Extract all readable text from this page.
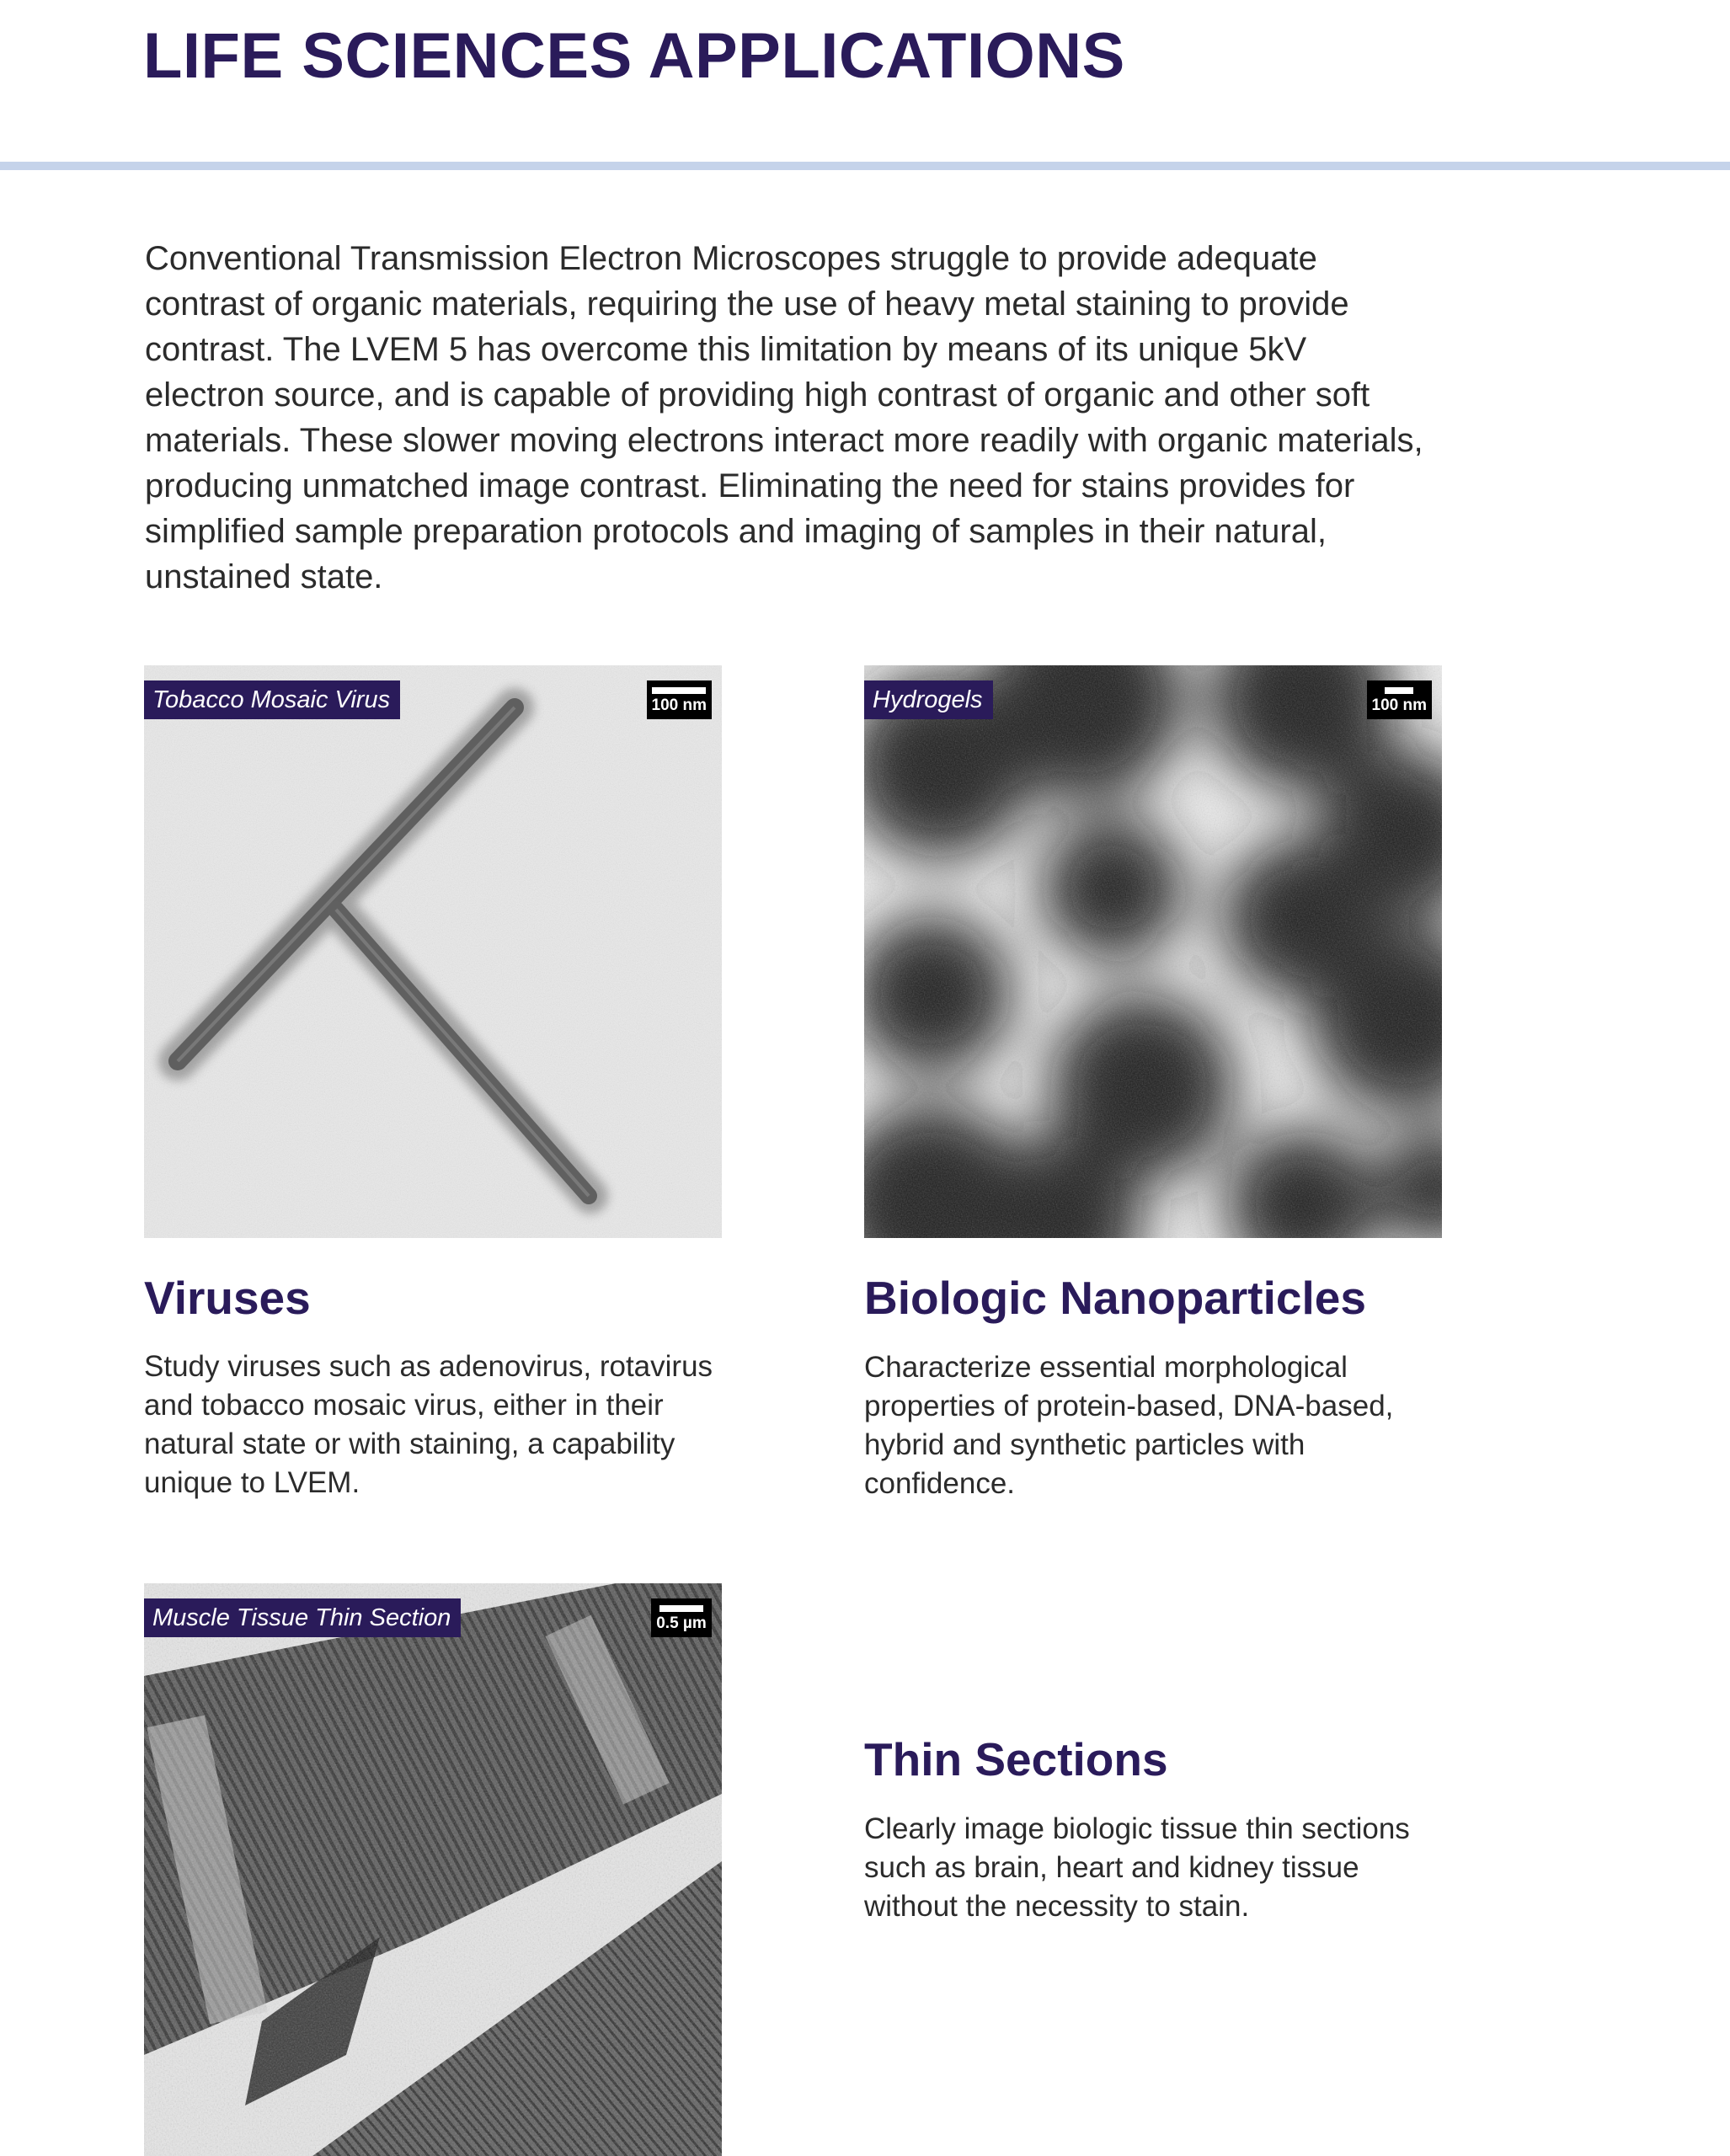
LIFE SCIENCES APPLICATIONS

Conventional Transmission Electron Microscopes struggle to provide adequate contrast of organic materials, requiring the use of heavy metal staining to provide contrast. The LVEM 5 has overcome this limitation by means of its unique 5kV electron source, and is capable of providing high contrast of organic and other soft materials. These slower moving electrons interact more readily with organic materials, producing unmatched image contrast. Eliminating the need for stains provides for simplified sample preparation protocols and imaging of samples in their natural, unstained state.

Tobacco Mosaic Virus	100 nm	Hydrogels	100 nm
Viruses

Study viruses such as adenovirus, rotavirus and tobacco mosaic virus, either in their natural state or with staining, a capability unique to LVEM.

Biologic Nanoparticles

Characterize essential morphological properties of protein-based, DNA-based, hybrid and synthetic particles with confidence.

Muscle Tissue Thin Section	0.5 µm
Thin Sections

Clearly image biologic tissue thin sections such as brain, heart and kidney tissue without the necessity to stain.
